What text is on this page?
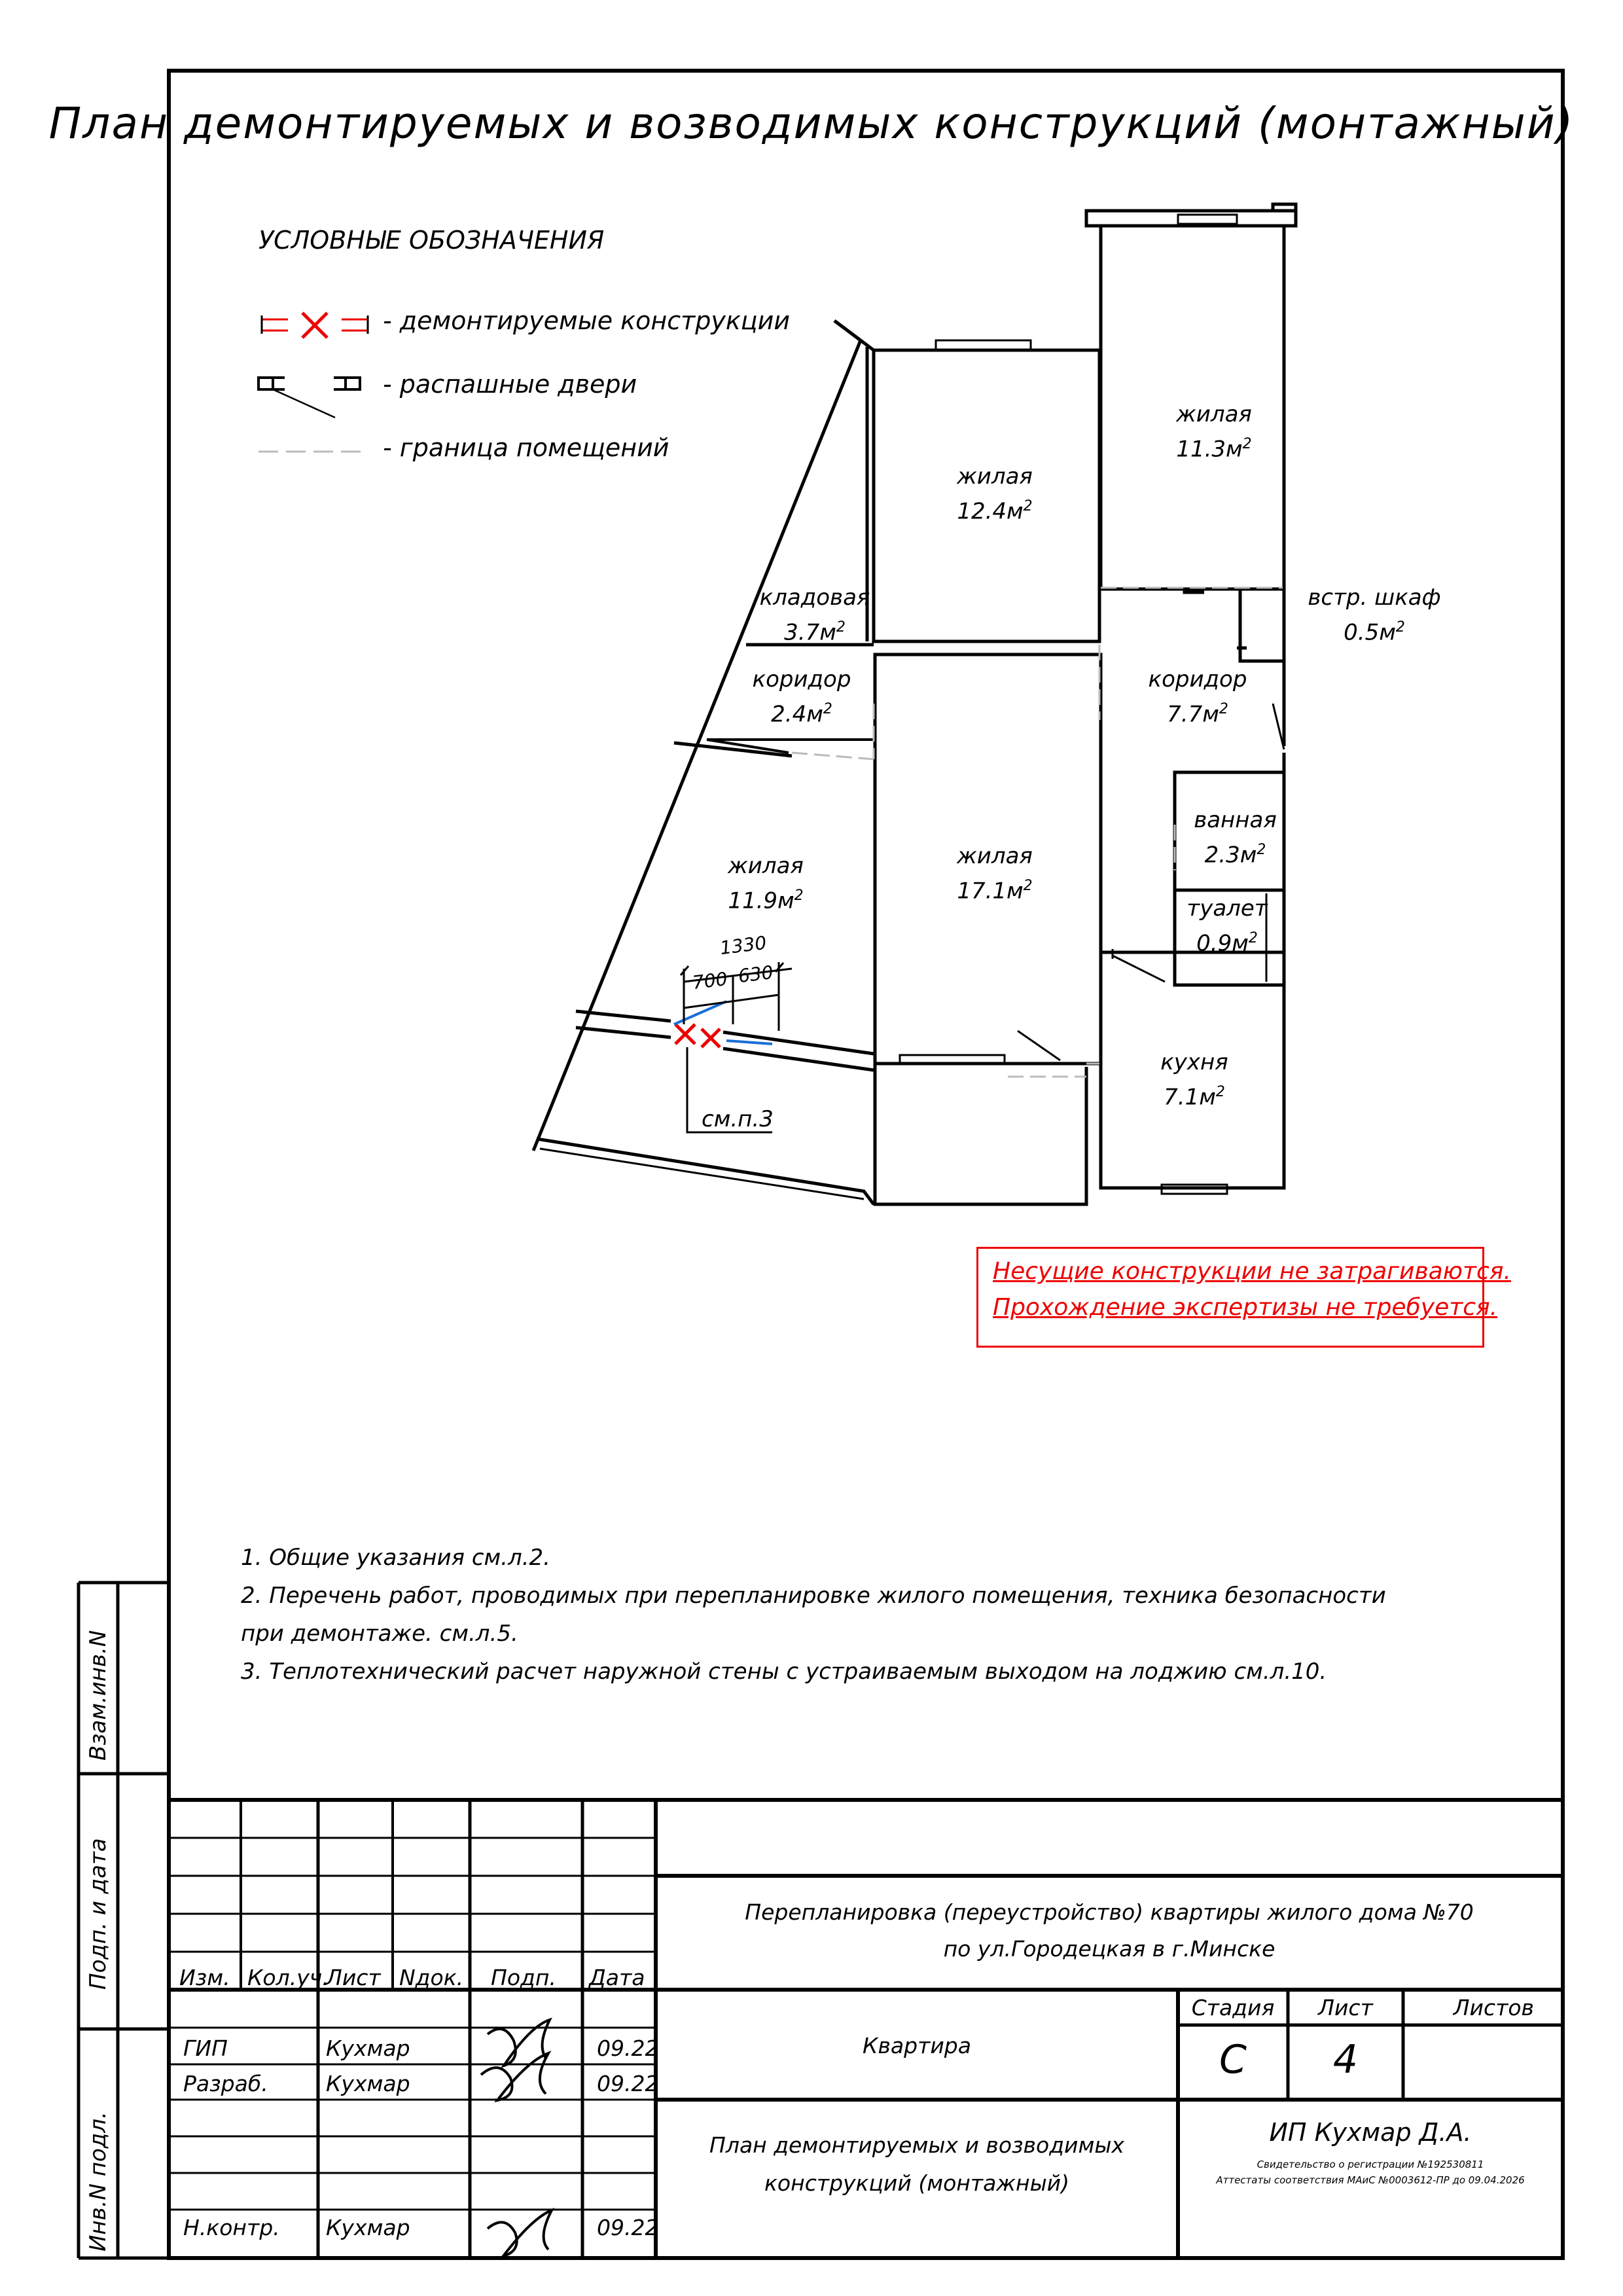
План демонтируемых и возводимых конструкций (монтажный)
УСЛОВНЫЕ ОБОЗНАЧЕНИЯ
- демонтируемые конструкции
- распашные двери
- граница помещений
жилая
$12.4м^2$
жилая
$11.3м^2$
кладовая
$3.7м^2$
встр. шкаф
$0.5м^2$
коридор
$2.4м^2$
коридор
$7.7м^2$
ванная
$2.3м^2$
жилая
$11.9м^2$
жилая
$17.1м^2$
туалет
$0.9м^2$
кухня
$7.1м^2$
1330
700 630
см.п.3
Несущие конструкции не затрагиваются.
Прохождение экспертизы не требуется.
1. Общие указания см.л.2.
2. Перечень работ, проводимых при перепланировке жилого помещения, техника безопасности
при демонтаже. см.л.5.
3. Теплотехнический расчет наружной стены с устраиваемым выходом на лоджию см.л.10.
Взам.инв.N
Подп. и дата
Инв.N подл.
Изм. Кол.уч.
Лист Nдок. Подп. Дата
ГИП	Кухмар	09.22
Разраб.	Кухмар	09.22
Н.контр. Кухмар	09.22
Перепланировка (переустройство) квартиры жилого дома №70
по ул.Городецкая в г.Минске
Квартира
План демонтируемых и возводимых
конструкций (монтажный)
Стадия	Лист	Листов
С	4
ИП Кухмар Д.А.
Свидетельство о регистрации №192530811
Аттестаты соответствия МАиС №0003612-ПР до 09.04.2026
